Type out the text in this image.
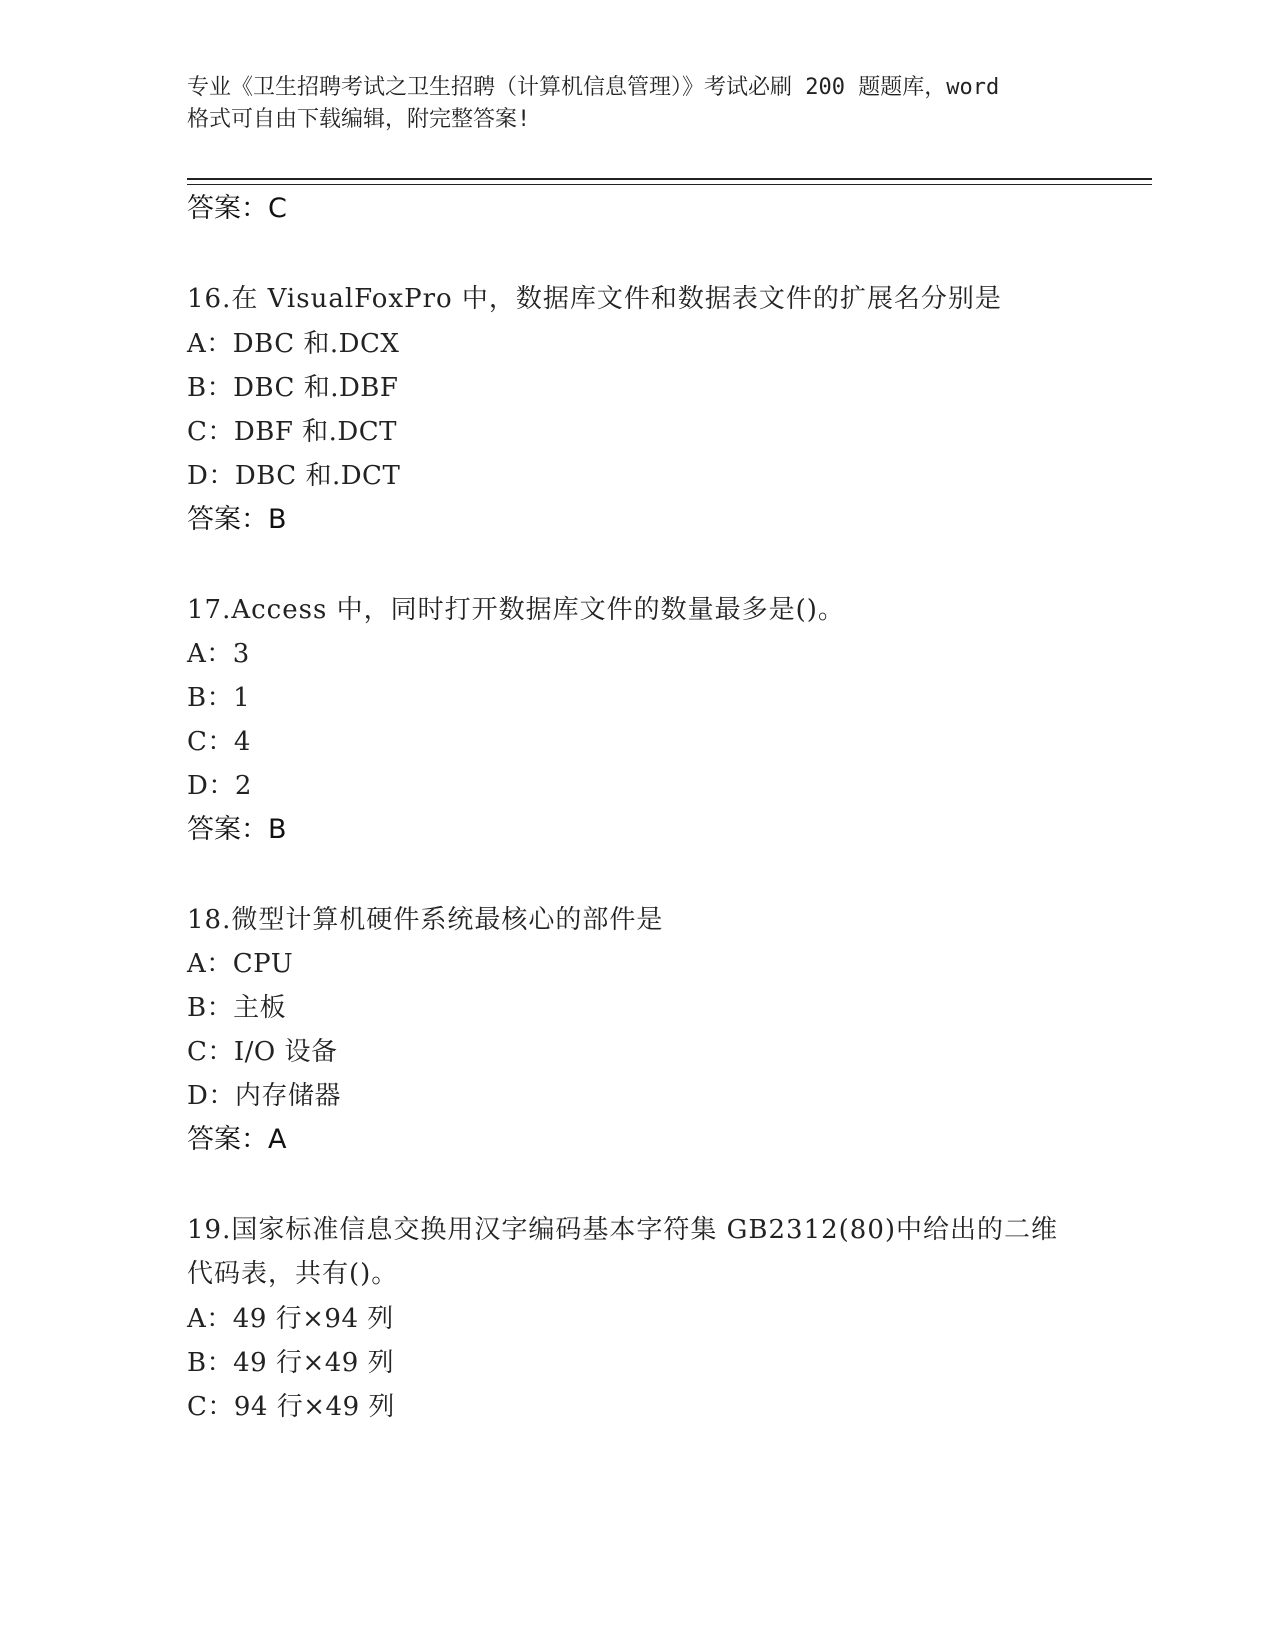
专业《卫生招聘考试之卫生招聘（计算机信息管理）》考试必刷 200 题题库，word
格式可自由下载编辑，附完整答案!
答案：C
16.在 VisualFoxPro 中，数据库文件和数据表文件的扩展名分别是
A：DBC 和.DCX
B：DBC 和.DBF
C：DBF 和.DCT
D：DBC 和.DCT
答案：B
17.Access 中，同时打开数据库文件的数量最多是()。
A：3
B：1
C：4
D：2
答案：B
18.微型计算机硬件系统最核心的部件是
A：CPU
B：主板
C：I/O 设备
D：内存储器
答案：A
19.国家标准信息交换用汉字编码基本字符集 GB2312(80)中给出的二维
代码表，共有()。
A：49 行×94 列
B：49 行×49 列
C：94 行×49 列
